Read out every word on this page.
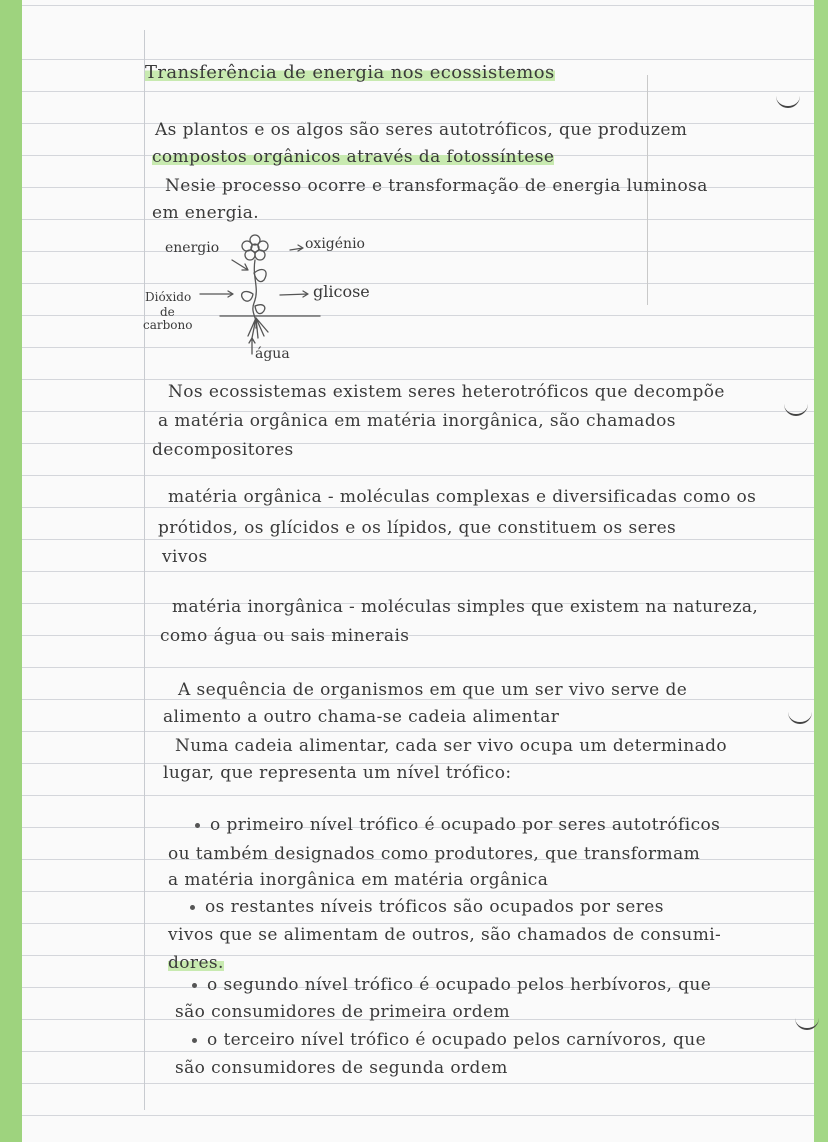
Transferência de energia nos ecossistemos
As plantos e os algos são seres autotróficos, que produzem
compostos orgânicos através da fotossíntese
Nesie processo ocorre e transformação de energia luminosa
em energia.
energio	oxigénio
glicose
Dióxido
de
carbono
água
Nos ecossistemas existem seres heterotróficos que decompõe
a matéria orgânica em matéria inorgânica, são chamados
decompositores
matéria orgânica - moléculas complexas e diversificadas como os
prótidos, os glícidos e os lípidos, que constituem os seres
vivos
matéria inorgânica - moléculas simples que existem na natureza,
como água ou sais minerais
A sequência de organismos em que um ser vivo serve de
alimento a outro chama-se cadeia alimentar
Numa cadeia alimentar, cada ser vivo ocupa um determinado
lugar, que representa um nível trófico:
o primeiro nível trófico é ocupado por seres autotróficos
ou também designados como produtores, que transformam
a matéria inorgânica em matéria orgânica
os restantes níveis tróficos são ocupados por seres
vivos que se alimentam de outros, são chamados de consumi-
dores.
o segundo nível trófico é ocupado pelos herbívoros, que
são consumidores de primeira ordem
o terceiro nível trófico é ocupado pelos carnívoros, que
são consumidores de segunda ordem
